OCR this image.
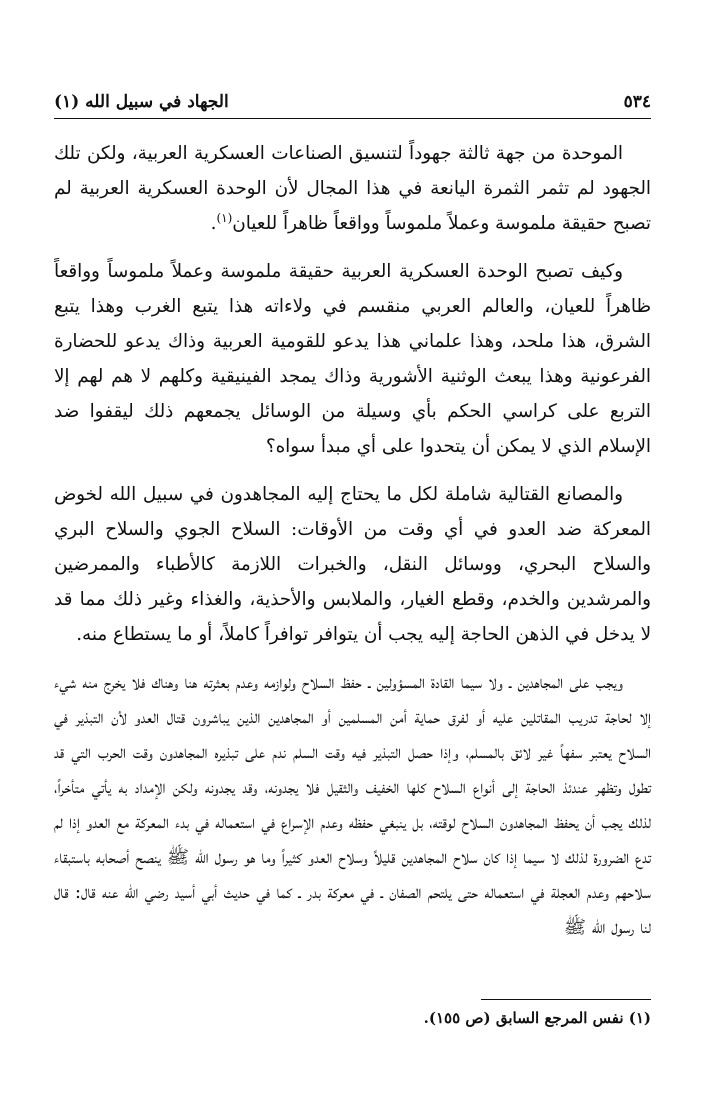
٥٣٤
الجهاد في سبيل الله (١)

الموحدة من جهة ثالثة جهوداً لتنسيق الصناعات العسكرية العربية، ولكن تلك الجهود لم تثمر الثمرة اليانعة في هذا المجال لأن الوحدة العسكرية العربية لم تصبح حقيقة ملموسة وعملاً ملموساً وواقعاً ظاهراً للعيان$^{(١)}$.

وكيف تصبح الوحدة العسكرية العربية حقيقة ملموسة وعملاً ملموساً وواقعاً ظاهراً للعيان، والعالم العربي منقسم في ولاءاته هذا يتبع الغرب وهذا يتبع الشرق، هذا ملحد، وهذا علماني هذا يدعو للقومية العربية وذاك يدعو للحضارة الفرعونية وهذا يبعث الوثنية الأشورية وذاك يمجد الفينيقية وكلهم لا هم لهم إلا التربع على كراسي الحكم بأي وسيلة من الوسائل يجمعهم ذلك ليقفوا ضد الإسلام الذي لا يمكن أن يتحدوا على أي مبدأ سواه؟

والمصانع القتالية شاملة لكل ما يحتاج إليه المجاهدون في سبيل الله لخوض المعركة ضد العدو في أي وقت من الأوقات: السلاح الجوي والسلاح البري والسلاح البحري، ووسائل النقل، والخبرات اللازمة كالأطباء والممرضين والمرشدين والخدم، وقطع الغيار، والملابس والأحذية، والغذاء وغير ذلك مما قد لا يدخل في الذهن الحاجة إليه يجب أن يتوافر توافراً كاملاً، أو ما يستطاع منه.

ويجب على المجاهدين ـ ولا سيما القادة المسؤولين ـ حفظ السلاح ولوازمه وعدم بعثرته هنا وهناك فلا يخرج منه شيء إلا لحاجة تدريب المقاتلين عليه أو لفرق حماية أمن المسلمين أو المجاهدين الذين يباشرون قتال العدو لأن التبذير في السلاح يعتبر سفهاً غير لائق بالمسلم، وإذا حصل التبذير فيه وقت السلم ندم على تبذيره المجاهدون وقت الحرب التي قد تطول وتظهر عندئذ الحاجة إلى أنواع السلاح كلها الخفيف والثقيل فلا يجدونه، وقد يجدونه ولكن الإمداد به يأتي متأخراً، لذلك يجب أن يحفظ المجاهدون السلاح لوقته، بل ينبغي حفظه وعدم الإسراع في استعماله في بدء المعركة مع العدو إذا لم تدع الضرورة لذلك لا سيما إذا كان سلاح المجاهدين قليلاً وسلاح العدو كثيراً وما هو رسول الله ﷺ ينصح أصحابه باستبقاء سلاحهم وعدم العجلة في استعماله حتى يلتحم الصفان ـ في معركة بدر ـ كما في حديث أبي أسيد رضي الله عنه قال: قال لنا رسول الله ﷺ

(١) نفس المرجع السابق (ص ١٥٥).
